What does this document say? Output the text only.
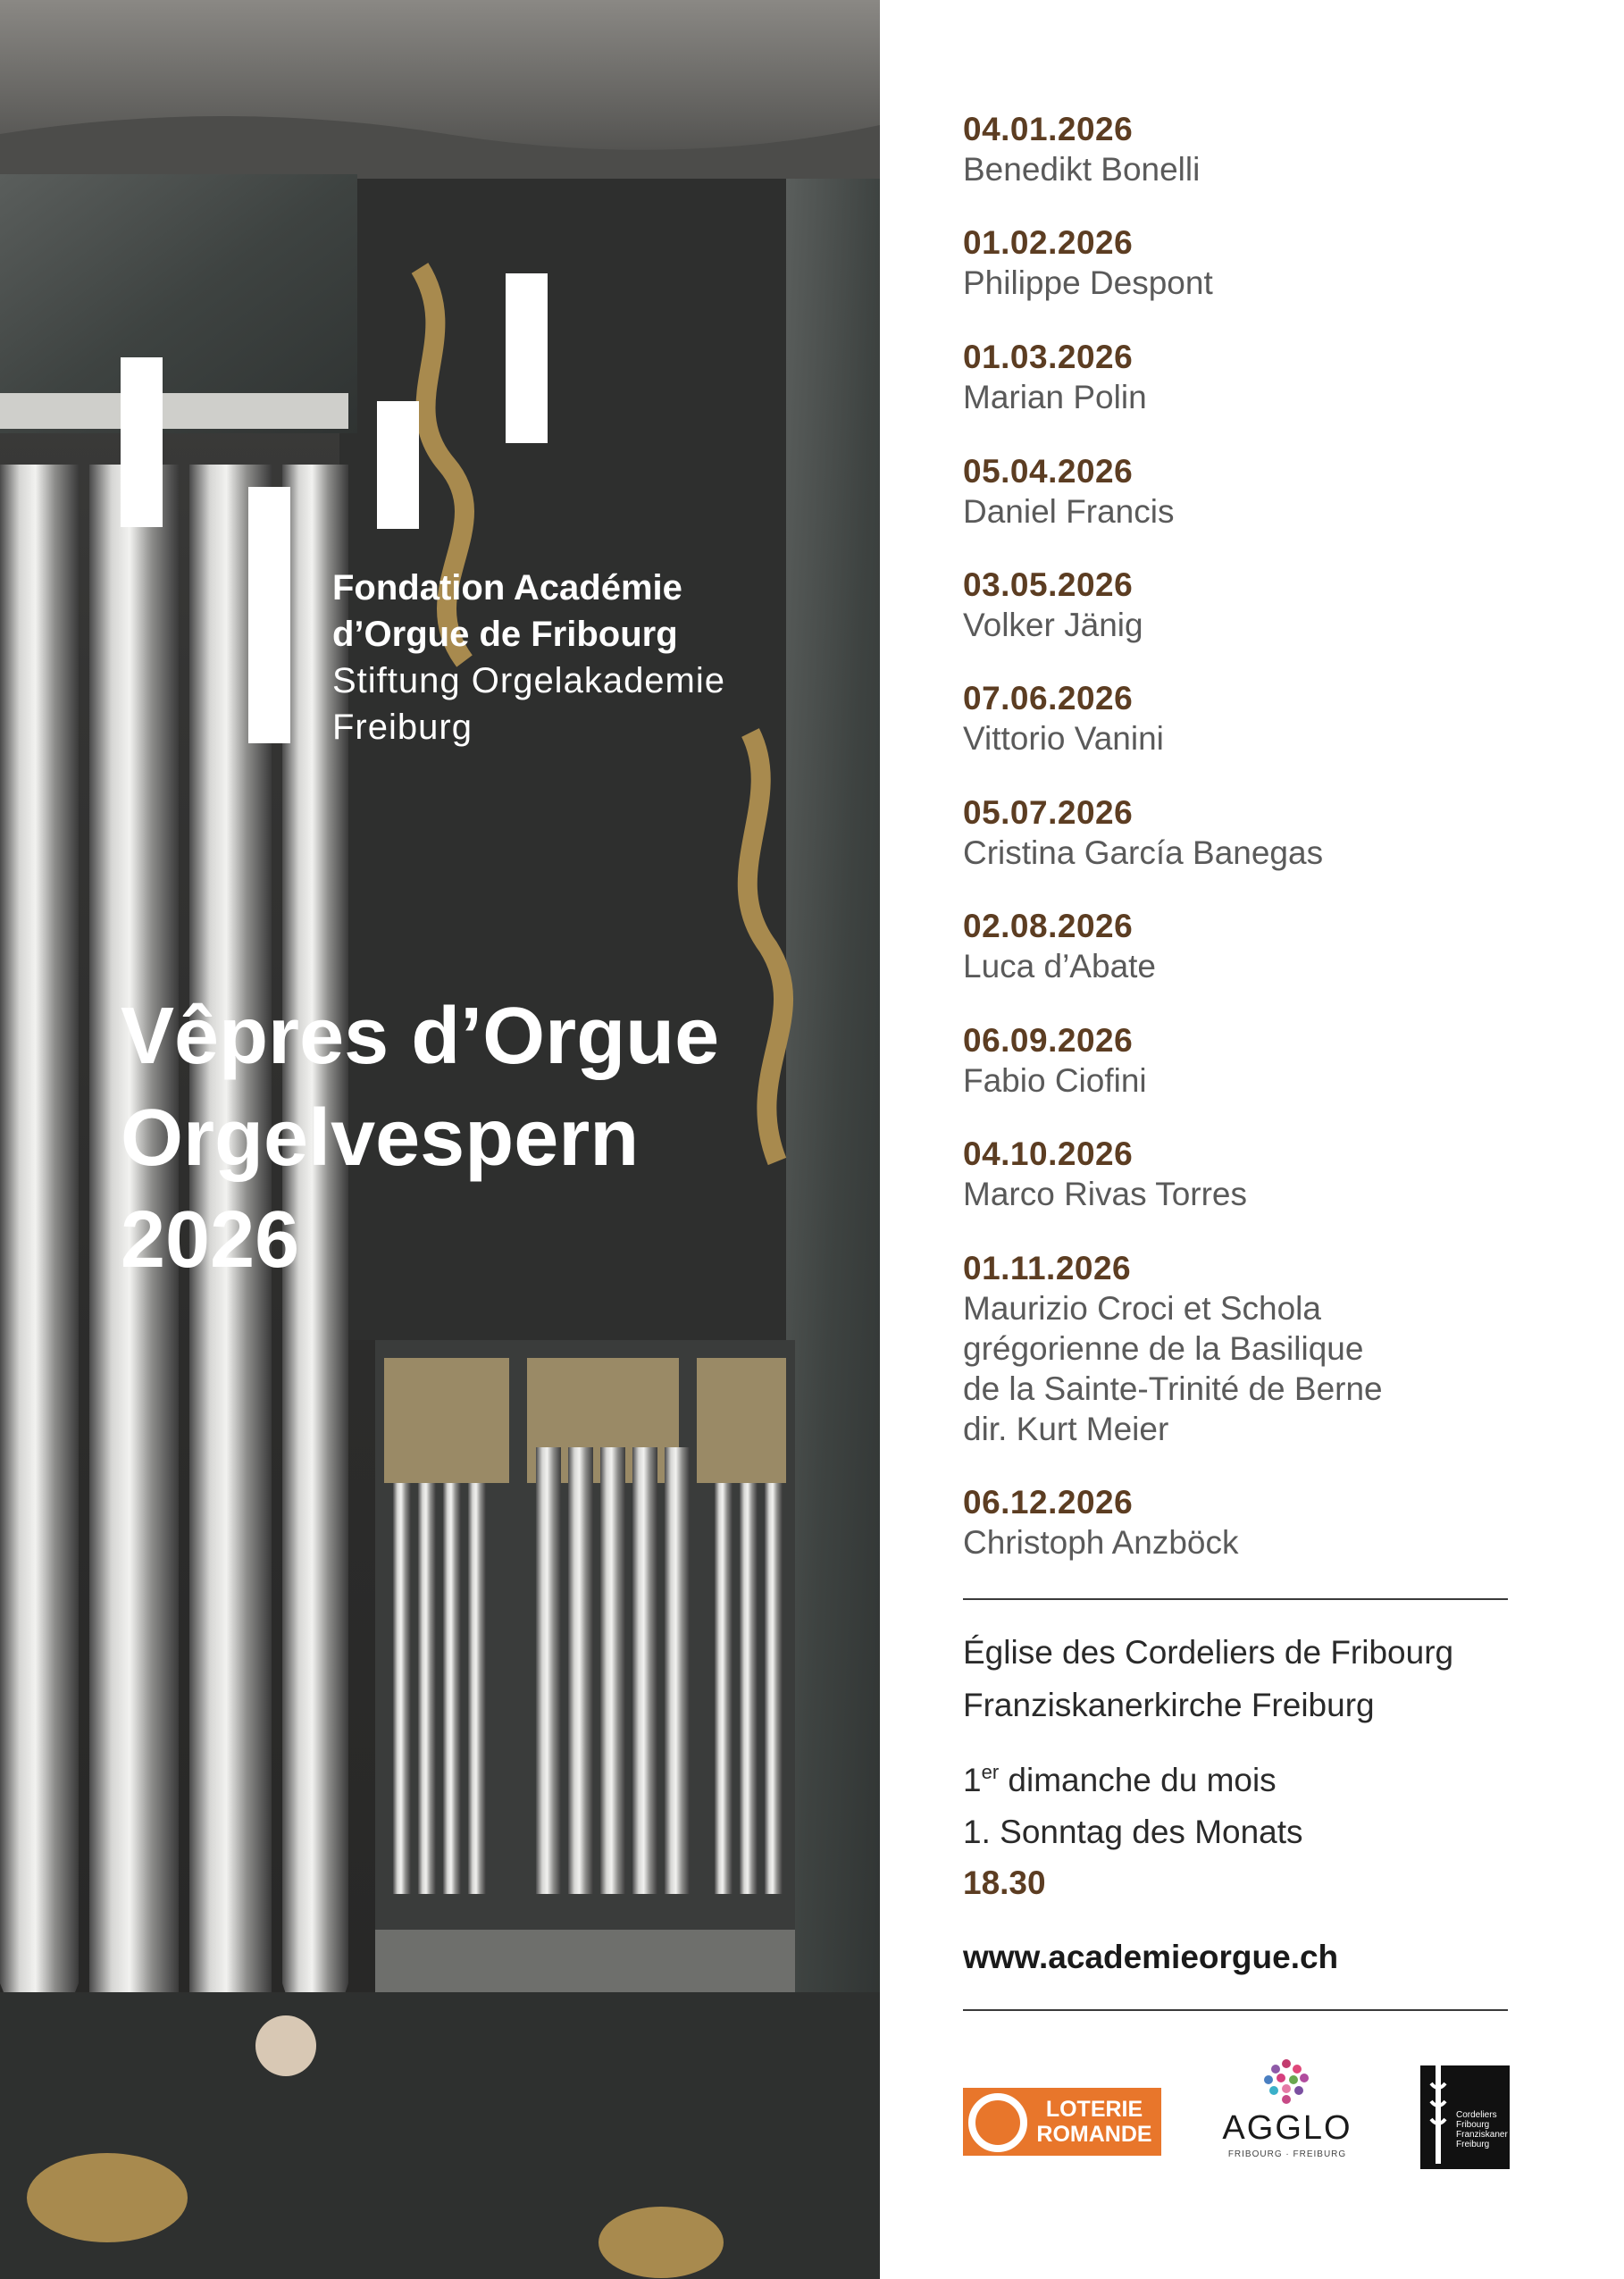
Fondation Académie
d’Orgue de Fribourg
Stiftung Orgelakademie
Freiburg
Vêpres d’Orgue
Orgelvespern
2026
04.01.2026
Benedikt Bonelli
01.02.2026
Philippe Despont
01.03.2026
Marian Polin
05.04.2026
Daniel Francis
03.05.2026
Volker Jänig
07.06.2026
Vittorio Vanini
05.07.2026
Cristina García Banegas
02.08.2026
Luca d’Abate
06.09.2026
Fabio Ciofini
04.10.2026
Marco Rivas Torres
01.11.2026
Maurizio Croci et Schola
grégorienne de la Basilique
de la Sainte-Trinité de Berne
dir. Kurt Meier
06.12.2026
Christoph Anzböck
Église des Cordeliers de Fribourg
Franziskanerkirche Freiburg
1er dimanche du mois
1. Sonntag des Monats
18.30
www.academieorgue.ch
LOTERIE
ROMANDE AGGLO
FRIBOURG · FREIBURG
Cordeliers
Fribourg
Franziskaner
Freiburg
